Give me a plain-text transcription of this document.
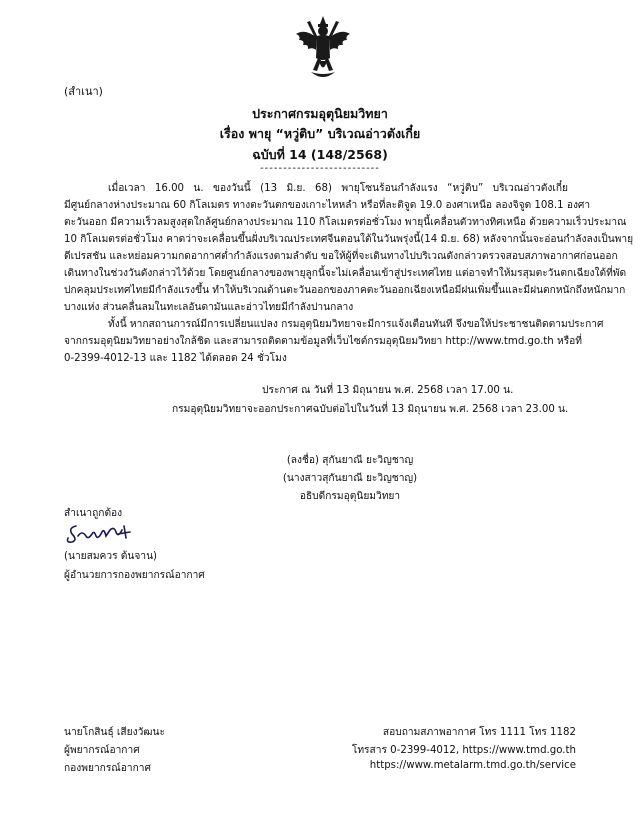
(สำเนา)
ประกาศกรมอุตุนิยมวิทยา
เรื่อง พายุ “หวู่ติบ” บริเวณอ่าวตังเกี๋ย
ฉบับที่ 14 (148/2568)
--------------------------
เมื่อเวลา 16.00 น. ของวันนี้ (13 มิ.ย. 68) พายุโซนร้อนกำลังแรง “หวู่ติบ” บริเวณอ่าวตังเกี๋ย
มีศูนย์กลางห่างประมาณ 60 กิโลเมตร ทางตะวันตกของเกาะไหหลำ หรือที่ละติจูด 19.0 องศาเหนือ ลองจิจูด 108.1 องศา
ตะวันออก มีความเร็วลมสูงสุดใกล้ศูนย์กลางประมาณ 110 กิโลเมตรต่อชั่วโมง พายุนี้เคลื่อนตัวทางทิศเหนือ ด้วยความเร็วประมาณ
10 กิโลเมตรต่อชั่วโมง คาดว่าจะเคลื่อนขึ้นฝั่งบริเวณประเทศจีนตอนใต้ในวันพรุ่งนี้(14 มิ.ย. 68) หลังจากนั้นจะอ่อนกำลังลงเป็นพายุ
ดีเปรสชัน และหย่อมความกดอากาศต่ำกำลังแรงตามลำดับ ขอให้ผู้ที่จะเดินทางไปบริเวณดังกล่าวตรวจสอบสภาพอากาศก่อนออก
เดินทางในช่วงวันดังกล่าวไว้ด้วย โดยศูนย์กลางของพายุลูกนี้จะไม่เคลื่อนเข้าสู่ประเทศไทย แต่อาจทำให้มรสุมตะวันตกเฉียงใต้ที่พัด
ปกคลุมประเทศไทยมีกำลังแรงขึ้น ทำให้บริเวณด้านตะวันออกของภาคตะวันออกเฉียงเหนือมีฝนเพิ่มขึ้นและมีฝนตกหนักถึงหนักมาก
บางแห่ง ส่วนคลื่นลมในทะเลอันดามันและอ่าวไทยมีกำลังปานกลาง
ทั้งนี้ หากสถานการณ์มีการเปลี่ยนแปลง กรมอุตุนิยมวิทยาจะมีการแจ้งเตือนทันที จึงขอให้ประชาชนติดตามประกาศ
จากกรมอุตุนิยมวิทยาอย่างใกล้ชิด และสามารถติดตามข้อมูลที่เว็บไซต์กรมอุตุนิยมวิทยา http://www.tmd.go.th หรือที่
0-2399-4012-13 และ 1182 ได้ตลอด 24 ชั่วโมง
ประกาศ ณ วันที่ 13 มิถุนายน พ.ศ. 2568 เวลา 17.00 น.
กรมอุตุนิยมวิทยาจะออกประกาศฉบับต่อไปในวันที่ 13 มิถุนายน พ.ศ. 2568 เวลา 23.00 น.
(ลงชื่อ) สุกันยาณี ยะวิญชาญ
(นางสาวสุกันยาณี ยะวิญชาญ)
อธิบดีกรมอุตุนิยมวิทยา
สำเนาถูกต้อง
(นายสมควร ต้นจาน)
ผู้อำนวยการกองพยากรณ์อากาศ
นายโกสินธุ์ เสียงวัฒนะ
ผู้พยากรณ์อากาศ
กองพยากรณ์อากาศ
สอบถามสภาพอากาศ โทร 1111 โทร 1182
โทรสาร 0-2399-4012, https://www.tmd.go.th
https://www.metalarm.tmd.go.th/service
